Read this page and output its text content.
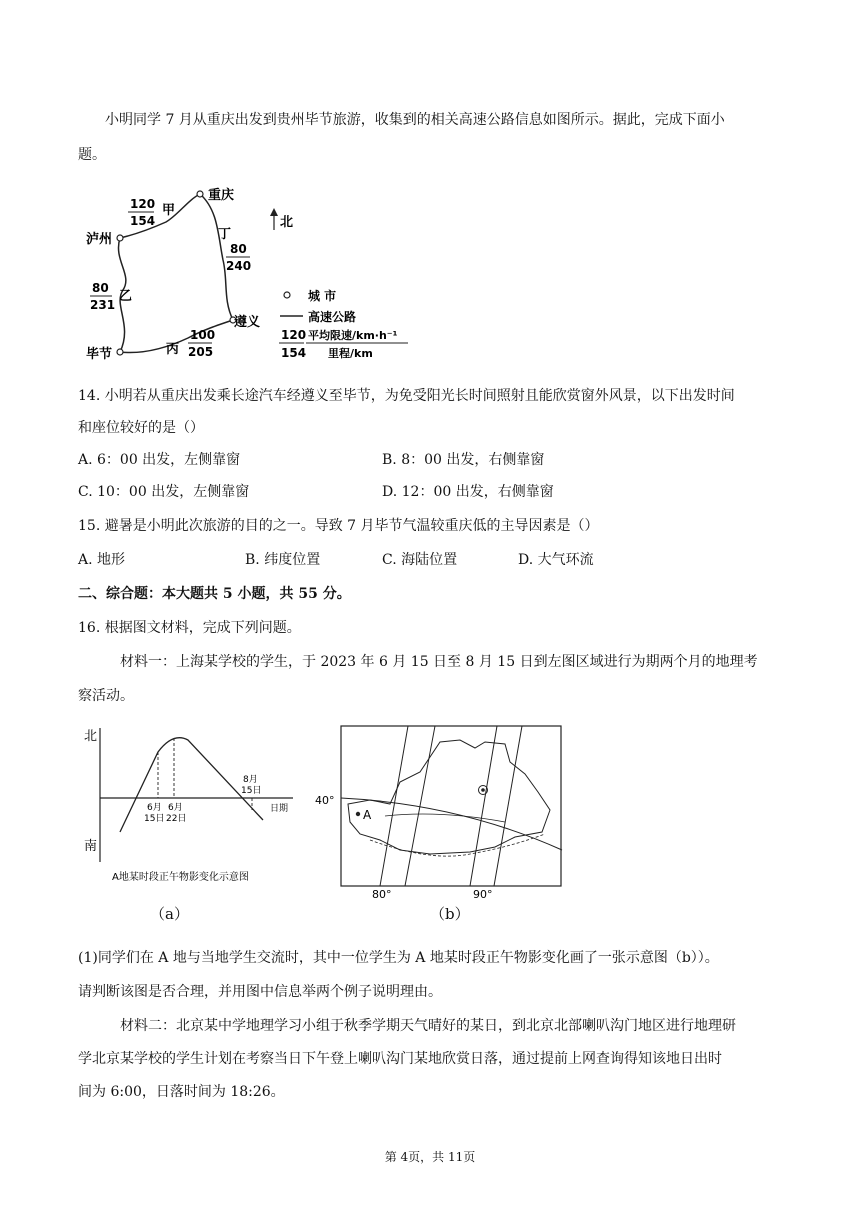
小明同学 7 月从重庆出发到贵州毕节旅游，收集到的相关高速公路信息如图所示。据此，完成下面小
题。
重庆
泸州
毕节
遵义
120
154
甲
80
231
乙
丙
100
205
丁
80
240
北
城 市
高速公路
120
154
平均限速/km·h⁻¹
里程/km
14. 小明若从重庆出发乘长途汽车经遵义至毕节，为免受阳光长时间照射且能欣赏窗外风景，以下出发时间
和座位较好的是（）
A. 6：00 出发，左侧靠窗	B. 8：00 出发，右侧靠窗
C. 10：00 出发，左侧靠窗	D. 12：00 出发，右侧靠窗
15. 避暑是小明此次旅游的目的之一。导致 7 月毕节气温较重庆低的主导因素是（）
A. 地形	B. 纬度位置	C. 海陆位置	D. 大气环流
二、综合题：本大题共 5 小题，共 55 分。
16. 根据图文材料，完成下列问题。
材料一：上海某学校的学生，于 2023 年 6 月 15 日至 8 月 15 日到左图区域进行为期两个月的地理考
察活动。
北
南
6月
15日
6月
22日
8月
15日
日期
A地某时段正午物影变化示意图
（a）
A
40°
80°	90°
（b）
(1)同学们在 A 地与当地学生交流时，其中一位学生为 A 地某时段正午物影变化画了一张示意图（b））。
请判断该图是否合理，并用图中信息举两个例子说明理由。
材料二：北京某中学地理学习小组于秋季学期天气晴好的某日，到北京北部喇叭沟门地区进行地理研
学北京某学校的学生计划在考察当日下午登上喇叭沟门某地欣赏日落，通过提前上网查询得知该地日出时
间为 6:00，日落时间为 18:26。
第 4页，共 11页
